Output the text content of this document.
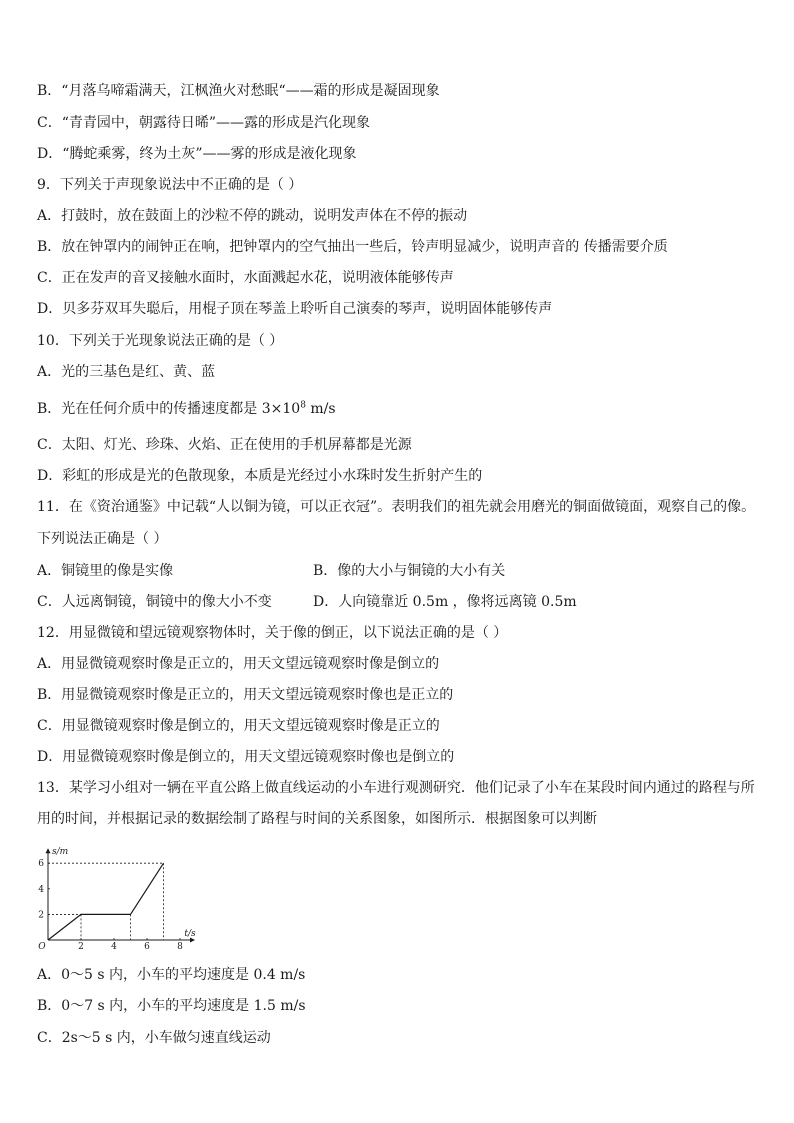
B．“月落乌啼霜满天，江枫渔火对愁眠“——霜的形成是凝固现象
C．“青青园中，朝露待日晞”——露的形成是汽化现象
D．“腾蛇乘雾，终为土灰”——雾的形成是液化现象
9．下列关于声现象说法中不正确的是（ ）
A．打鼓时，放在鼓面上的沙粒不停的跳动，说明发声体在不停的振动
B．放在钟罩内的闹钟正在响，把钟罩内的空气抽出一些后，铃声明显减少，说明声音的 传播需要介质
C．正在发声的音叉接触水面时，水面溅起水花，说明液体能够传声
D．贝多芬双耳失聪后，用棍子顶在琴盖上聆听自己演奏的琴声，说明固体能够传声
10．下列关于光现象说法正确的是（ ）
A．光的三基色是红、黄、蓝
B．光在任何介质中的传播速度都是 $3\times 10^8$ m/s
C．太阳、灯光、珍珠、火焰、正在使用的手机屏幕都是光源
D．彩虹的形成是光的色散现象，本质是光经过小水珠时发生折射产生的
11．在《资治通鉴》中记载“人以铜为镜，可以正衣冠”。表明我们的祖先就会用磨光的铜面做镜面，观察自己的像。
下列说法正确是（ ）
A．铜镜里的像是实像	B．像的大小与铜镜的大小有关
C．人远离铜镜，铜镜中的像大小不变	D．人向镜靠近 0.5m ，像将远离镜 0.5m
12．用显微镜和望远镜观察物体时，关于像的倒正，以下说法正确的是（ ）
A．用显微镜观察时像是正立的，用天文望远镜观察时像是倒立的
B．用显微镜观察时像是正立的，用天文望远镜观察时像也是正立的
C．用显微镜观察时像是倒立的，用天文望远镜观察时像是正立的
D．用显微镜观察时像是倒立的，用天文望远镜观察时像也是倒立的
13．某学习小组对一辆在平直公路上做直线运动的小车进行观测研究．他们记录了小车在某段时间内通过的路程与所
用的时间，并根据记录的数据绘制了路程与时间的关系图象，如图所示．根据图象可以判断
2	4	6	8
2
4
6
O
t/s
s/m
A．0～5 s 内，小车的平均速度是 0.4 m/s
B．0～7 s 内，小车的平均速度是 1.5 m/s
C．2s～5 s 内，小车做匀速直线运动
